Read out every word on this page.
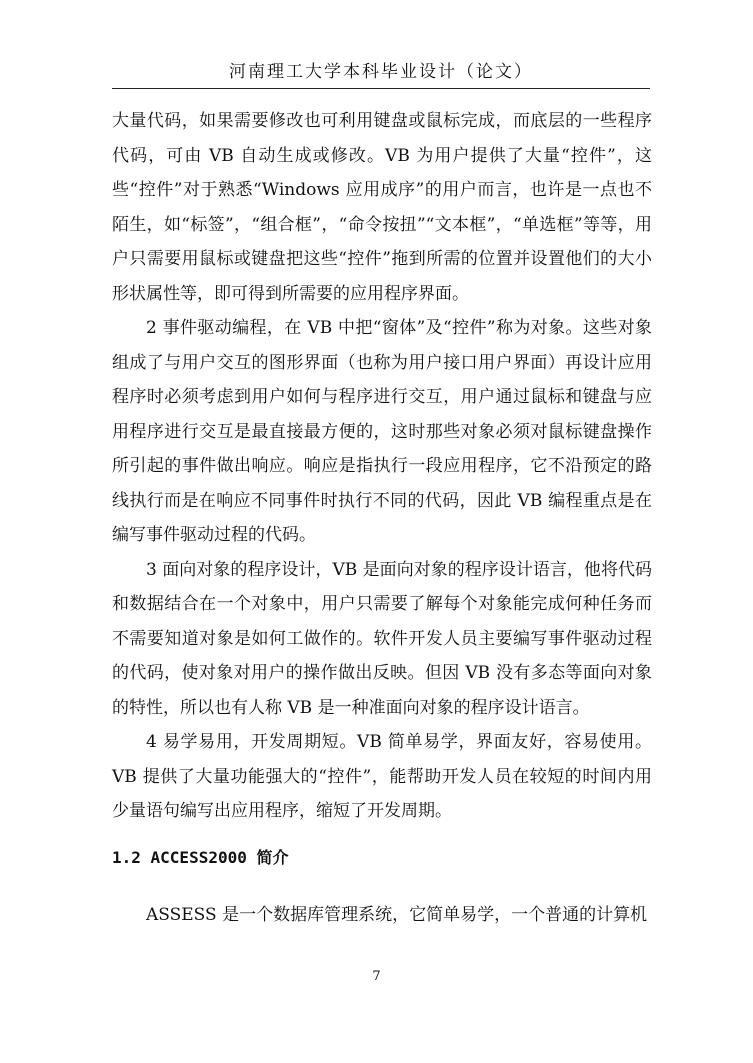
河南理工大学本科毕业设计（论文）

大量代码，如果需要修改也可利用键盘或鼠标完成，而底层的一些程序代码，可由 VB 自动生成或修改。VB 为用户提供了大量“控件”，这些“控件”对于熟悉“Windows 应用成序”的用户而言，也许是一点也不陌生，如“标签”，“组合框”，“命令按扭”“文本框”，“单选框”等等，用户只需要用鼠标或键盘把这些“控件”拖到所需的位置并设置他们的大小形状属性等，即可得到所需要的应用程序界面。

2 事件驱动编程，在 VB 中把“窗体”及“控件”称为对象。这些对象组成了与用户交互的图形界面（也称为用户接口用户界面）再设计应用程序时必须考虑到用户如何与程序进行交互，用户通过鼠标和键盘与应用程序进行交互是最直接最方便的，这时那些对象必须对鼠标键盘操作所引起的事件做出响应。响应是指执行一段应用程序，它不沿预定的路线执行而是在响应不同事件时执行不同的代码，因此 VB 编程重点是在编写事件驱动过程的代码。

3 面向对象的程序设计，VB 是面向对象的程序设计语言，他将代码和数据结合在一个对象中，用户只需要了解每个对象能完成何种任务而不需要知道对象是如何工做作的。软件开发人员主要编写事件驱动过程的代码，使对象对用户的操作做出反映。但因 VB 没有多态等面向对象的特性，所以也有人称 VB 是一种准面向对象的程序设计语言。

4 易学易用，开发周期短。VB 简单易学，界面友好，容易使用。VB 提供了大量功能强大的“控件”，能帮助开发人员在较短的时间内用少量语句编写出应用程序，缩短了开发周期。

1.2 ACCESS2000 简介

ASSESS 是一个数据库管理系统，它简单易学，一个普通的计算机

7
